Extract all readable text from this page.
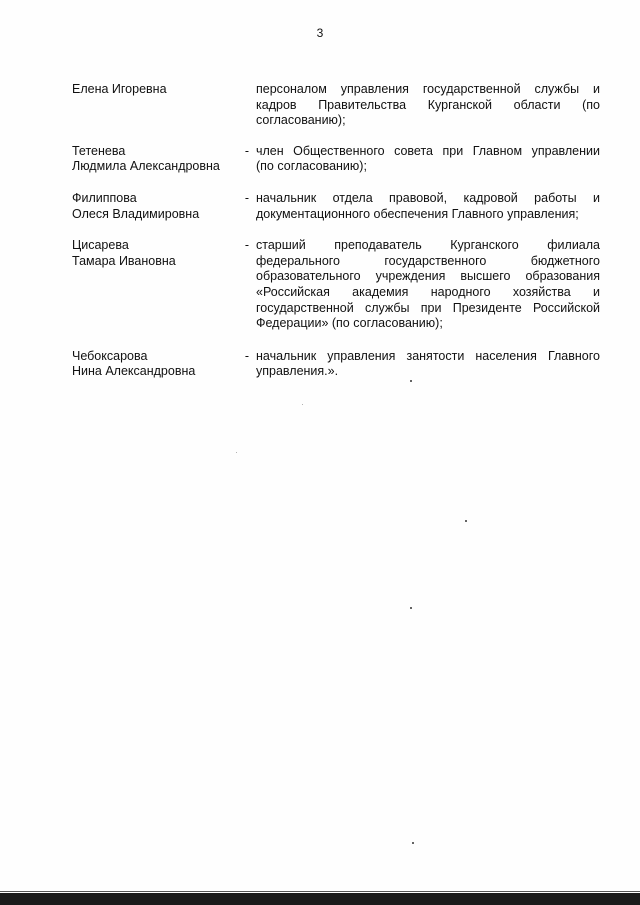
3
Елена Игоревна	персоналом управления государственной службы и
кадров Правительства Курганской области (по
согласованию);
Тетенева
Людмила Александровна
- член Общественного совета при Главном управлении
(по согласованию);
Филиппова
Олеся Владимировна
- начальник отдела правовой, кадровой работы и
документационного обеспечения Главного управления;
Цисарева
Тамара Ивановна
- старший преподаватель Курганского филиала
федерального государственного бюджетного
образовательного учреждения высшего образования
«Российская академия народного хозяйства и
государственной службы при Президенте Российской
Федерации» (по согласованию);
Чебоксарова
Нина Александровна
- начальник управления занятости населения Главного
управления.».
